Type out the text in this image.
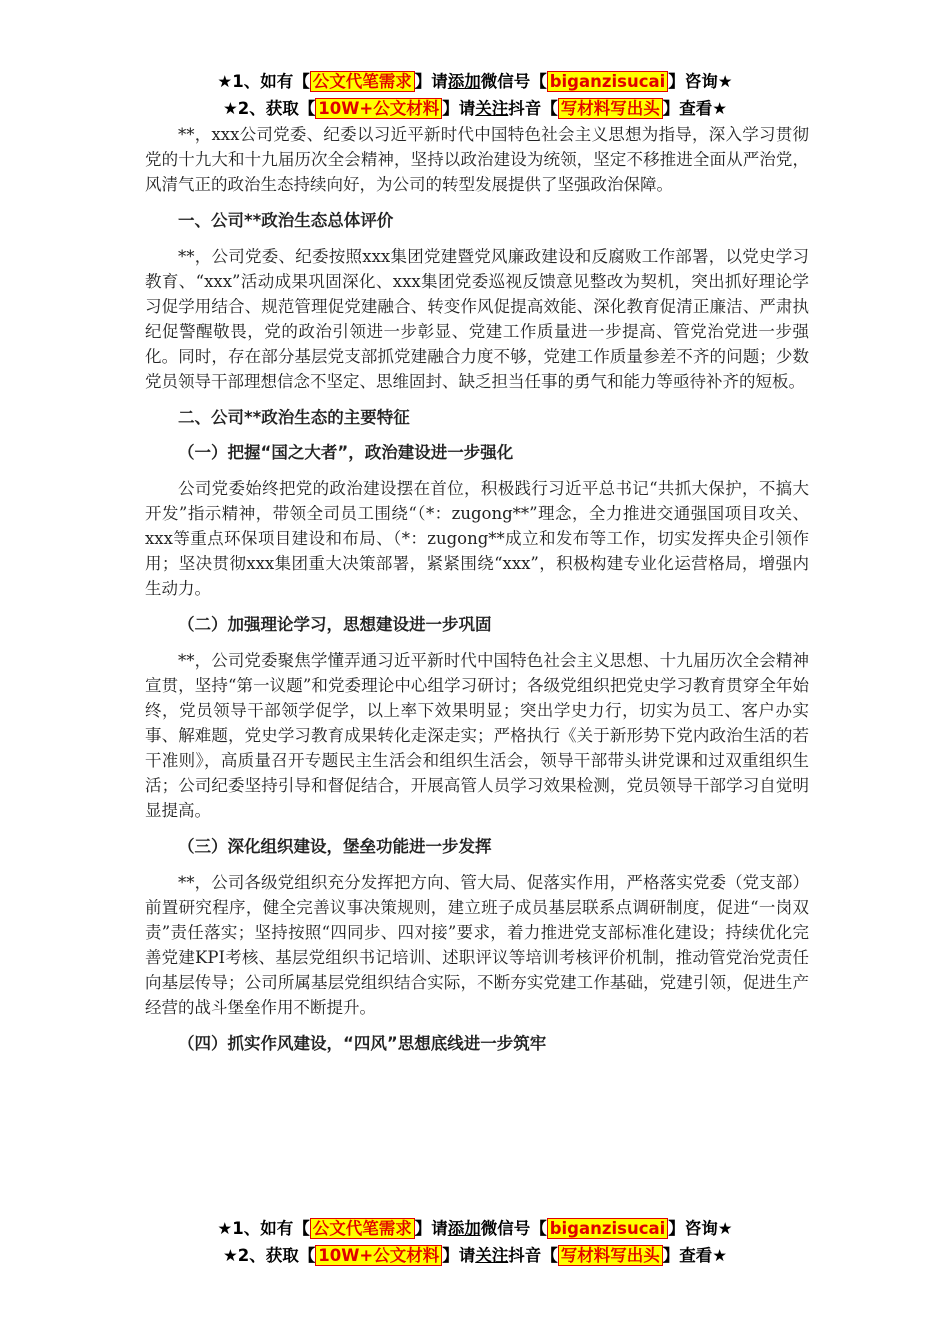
★1、如有【 公文代笔需求 】请添加微信号【 biganzisucai 】咨询★
★2、获取【 10W+公文材料 】请关注抖音【 写材料写出头 】查看★

**，xxx公司党委、纪委以习近平新时代中国特色社会主义思想为指导，深入学习贯彻党的十九大和十九届历次全会精神，坚持以政治建设为统领，坚定不移推进全面从严治党，风清气正的政治生态持续向好，为公司的转型发展提供了坚强政治保障。

一、公司**政治生态总体评价

**，公司党委、纪委按照xxx集团党建暨党风廉政建设和反腐败工作部署，以党史学习教育、“xxx”活动成果巩固深化、xxx集团党委巡视反馈意见整改为契机，突出抓好理论学习促学用结合、规范管理促党建融合、转变作风促提高效能、深化教育促清正廉洁、严肃执纪促警醒敬畏，党的政治引领进一步彰显、党建工作质量进一步提高、管党治党进一步强化。同时，存在部分基层党支部抓党建融合力度不够，党建工作质量参差不齐的问题；少数党员领导干部理想信念不坚定、思维固封、缺乏担当任事的勇气和能力等亟待补齐的短板。

二、公司**政治生态的主要特征

（一）把握“国之大者”，政治建设进一步强化

公司党委始终把党的政治建设摆在首位，积极践行习近平总书记“共抓大保护，不搞大开发”指示精神，带领全司员工围绕“（*：zugong**”理念，全力推进交通强国项目攻关、xxx等重点环保项目建设和布局、（*：zugong**成立和发布等工作，切实发挥央企引领作用；坚决贯彻xxx集团重大决策部署，紧紧围绕“xxx”，积极构建专业化运营格局，增强内生动力。

（二）加强理论学习，思想建设进一步巩固

**，公司党委聚焦学懂弄通习近平新时代中国特色社会主义思想、十九届历次全会精神宣贯，坚持“第一议题”和党委理论中心组学习研讨；各级党组织把党史学习教育贯穿全年始终，党员领导干部领学促学，以上率下效果明显；突出学史力行，切实为员工、客户办实事、解难题，党史学习教育成果转化走深走实；严格执行《关于新形势下党内政治生活的若干准则》，高质量召开专题民主生活会和组织生活会，领导干部带头讲党课和过双重组织生活；公司纪委坚持引导和督促结合，开展高管人员学习效果检测，党员领导干部学习自觉明显提高。

（三）深化组织建设，堡垒功能进一步发挥

**，公司各级党组织充分发挥把方向、管大局、促落实作用，严格落实党委（党支部）前置研究程序，健全完善议事决策规则，建立班子成员基层联系点调研制度，促进“一岗双责”责任落实；坚持按照“四同步、四对接”要求，着力推进党支部标准化建设；持续优化完善党建KPI考核、基层党组织书记培训、述职评议等培训考核评价机制，推动管党治党责任向基层传导；公司所属基层党组织结合实际，不断夯实党建工作基础，党建引领，促进生产经营的战斗堡垒作用不断提升。

（四）抓实作风建设，“四风”思想底线进一步筑牢

★1、如有【 公文代笔需求 】请添加微信号【 biganzisucai 】咨询★
★2、获取【 10W+公文材料 】请关注抖音【 写材料写出头 】查看★
